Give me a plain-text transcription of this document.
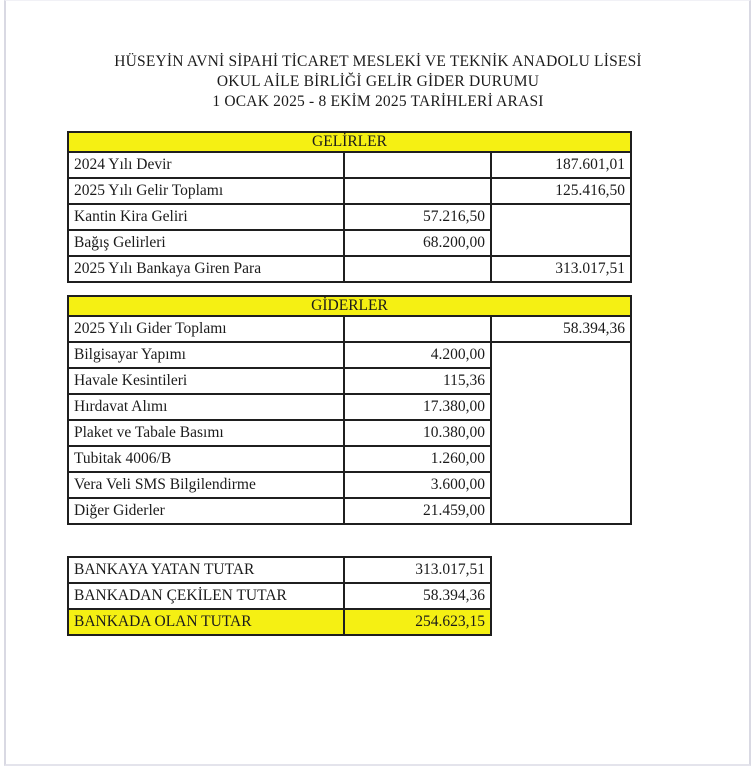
HÜSEYİN AVNİ SİPAHİ TİCARET MESLEKİ VE TEKNİK ANADOLU LİSESİ
OKUL AİLE BİRLİĞİ GELİR GİDER DURUMU
1 OCAK 2025 - 8 EKİM 2025 TARİHLERİ ARASI
GELİRLER		
2024 Yılı Devir		187.601,01
2025 Yılı Gelir Toplamı		125.416,50
Kantin Kira Geliri	57.216,50	
Bağış Gelirleri	68.200,00	
2025 Yılı Bankaya Giren Para		313.017,51
GİDERLER		
2025 Yılı Gider Toplamı		58.394,36
Bilgisayar Yapımı	4.200,00	
Havale Kesintileri	115,36	
Hırdavat Alımı	17.380,00	
Plaket ve Tabale Basımı	10.380,00	
Tubitak 4006/B	1.260,00	
Vera Veli SMS Bilgilendirme	3.600,00	
Diğer Giderler	21.459,00	
BANKAYA YATAN TUTAR	313.017,51
BANKADAN ÇEKİLEN TUTAR	58.394,36
BANKADA OLAN TUTAR	254.623,15
